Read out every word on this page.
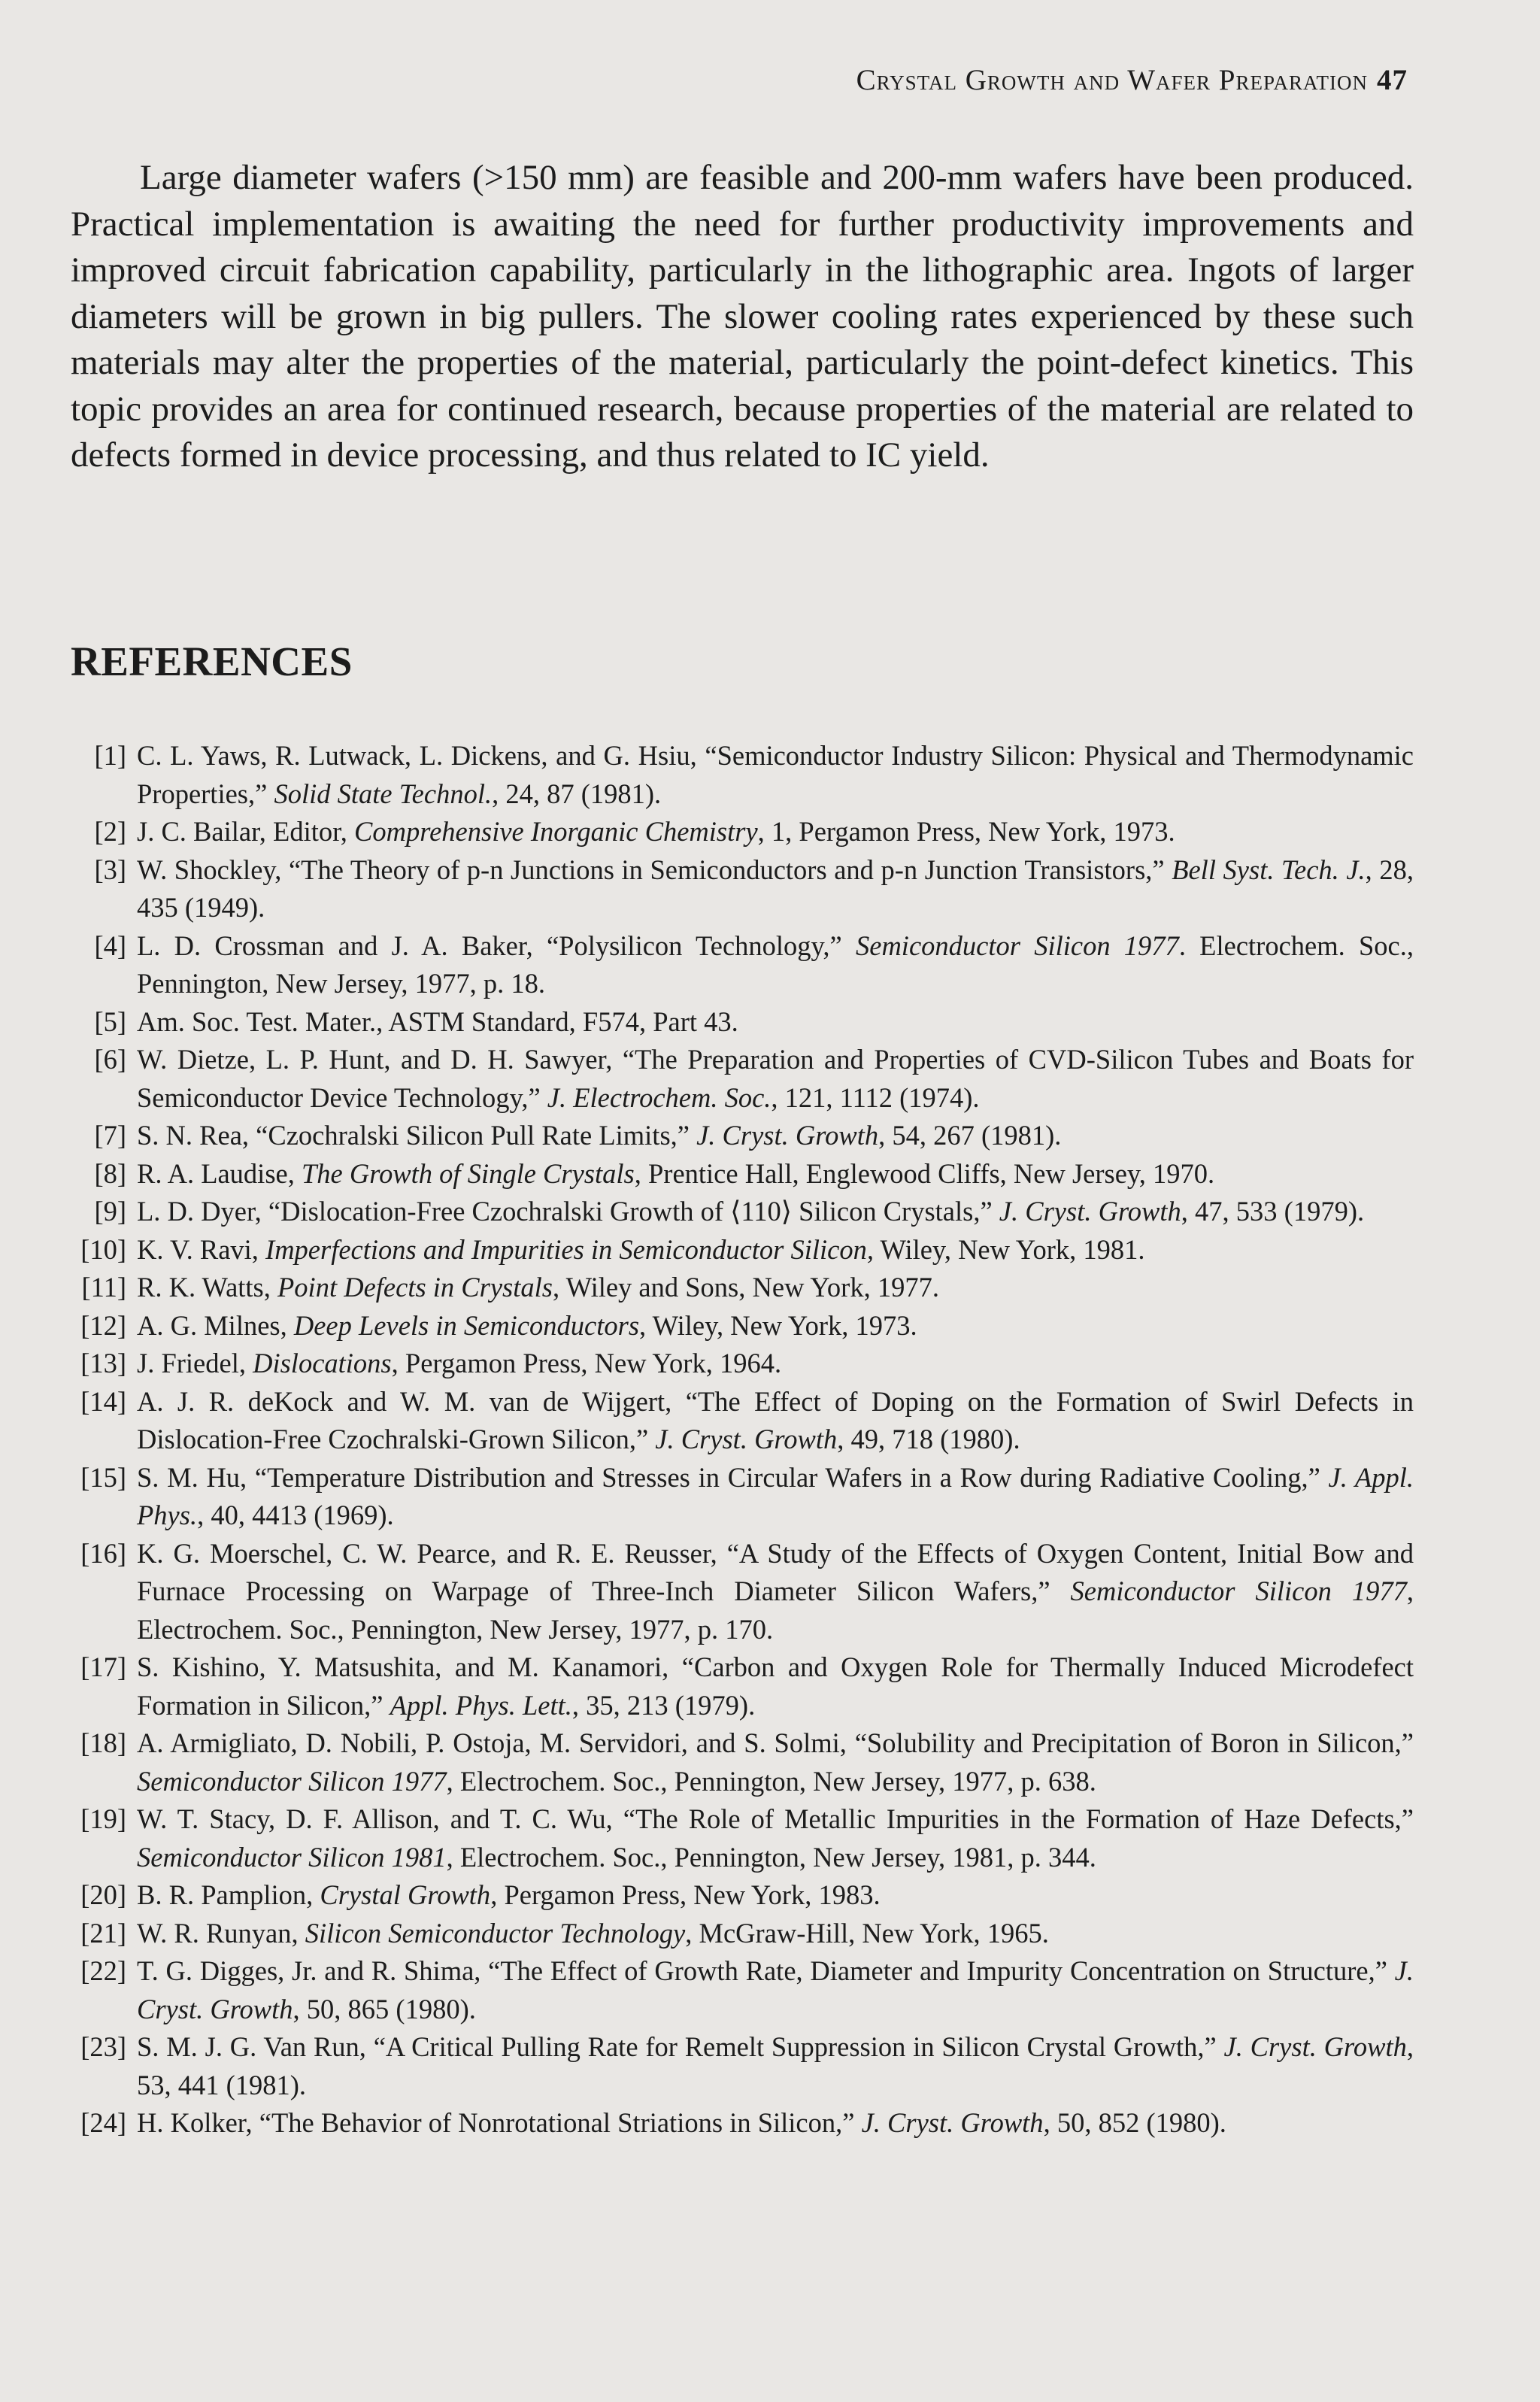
Crystal Growth and Wafer Preparation 47

Large diameter wafers (>150 mm) are feasible and 200-mm wafers have been produced. Practical implementation is awaiting the need for further productivity improvements and improved circuit fabrication capability, particularly in the lithographic area. Ingots of larger diameters will be grown in big pullers. The slower cooling rates experienced by these such materials may alter the properties of the material, particularly the point-defect kinetics. This topic provides an area for continued research, because properties of the material are related to defects formed in device processing, and thus related to IC yield.

REFERENCES
[1] C. L. Yaws, R. Lutwack, L. Dickens, and G. Hsiu, “Semiconductor Industry Silicon: Physical and Thermodynamic Properties,” Solid State Technol., 24, 87 (1981).
[2] J. C. Bailar, Editor, Comprehensive Inorganic Chemistry, 1, Pergamon Press, New York, 1973.
[3] W. Shockley, “The Theory of p-n Junctions in Semiconductors and p-n Junction Transistors,” Bell Syst. Tech. J., 28, 435 (1949).
[4] L. D. Crossman and J. A. Baker, “Polysilicon Technology,” Semiconductor Silicon 1977. Electrochem. Soc., Pennington, New Jersey, 1977, p. 18.
[5] Am. Soc. Test. Mater., ASTM Standard, F574, Part 43.
[6] W. Dietze, L. P. Hunt, and D. H. Sawyer, “The Preparation and Properties of CVD-Silicon Tubes and Boats for Semiconductor Device Technology,” J. Electrochem. Soc., 121, 1112 (1974).
[7] S. N. Rea, “Czochralski Silicon Pull Rate Limits,” J. Cryst. Growth, 54, 267 (1981).
[8] R. A. Laudise, The Growth of Single Crystals, Prentice Hall, Englewood Cliffs, New Jersey, 1970.
[9] L. D. Dyer, “Dislocation-Free Czochralski Growth of ⟨110⟩ Silicon Crystals,” J. Cryst. Growth, 47, 533 (1979).
[10] K. V. Ravi, Imperfections and Impurities in Semiconductor Silicon, Wiley, New York, 1981.
[11] R. K. Watts, Point Defects in Crystals, Wiley and Sons, New York, 1977.
[12] A. G. Milnes, Deep Levels in Semiconductors, Wiley, New York, 1973.
[13] J. Friedel, Dislocations, Pergamon Press, New York, 1964.
[14] A. J. R. deKock and W. M. van de Wijgert, “The Effect of Doping on the Formation of Swirl Defects in Dislocation-Free Czochralski-Grown Silicon,” J. Cryst. Growth, 49, 718 (1980).
[15] S. M. Hu, “Temperature Distribution and Stresses in Circular Wafers in a Row during Radiative Cooling,” J. Appl. Phys., 40, 4413 (1969).
[16] K. G. Moerschel, C. W. Pearce, and R. E. Reusser, “A Study of the Effects of Oxygen Content, Initial Bow and Furnace Processing on Warpage of Three-Inch Diameter Silicon Wafers,” Semiconductor Silicon 1977, Electrochem. Soc., Pennington, New Jersey, 1977, p. 170.
[17] S. Kishino, Y. Matsushita, and M. Kanamori, “Carbon and Oxygen Role for Thermally Induced Microdefect Formation in Silicon,” Appl. Phys. Lett., 35, 213 (1979).
[18] A. Armigliato, D. Nobili, P. Ostoja, M. Servidori, and S. Solmi, “Solubility and Precipitation of Boron in Silicon,” Semiconductor Silicon 1977, Electrochem. Soc., Pennington, New Jersey, 1977, p. 638.
[19] W. T. Stacy, D. F. Allison, and T. C. Wu, “The Role of Metallic Impurities in the Formation of Haze Defects,” Semiconductor Silicon 1981, Electrochem. Soc., Pennington, New Jersey, 1981, p. 344.
[20] B. R. Pamplion, Crystal Growth, Pergamon Press, New York, 1983.
[21] W. R. Runyan, Silicon Semiconductor Technology, McGraw-Hill, New York, 1965.
[22] T. G. Digges, Jr. and R. Shima, “The Effect of Growth Rate, Diameter and Impurity Concentration on Structure,” J. Cryst. Growth, 50, 865 (1980).
[23] S. M. J. G. Van Run, “A Critical Pulling Rate for Remelt Suppression in Silicon Crystal Growth,” J. Cryst. Growth, 53, 441 (1981).
[24] H. Kolker, “The Behavior of Nonrotational Striations in Silicon,” J. Cryst. Growth, 50, 852 (1980).
